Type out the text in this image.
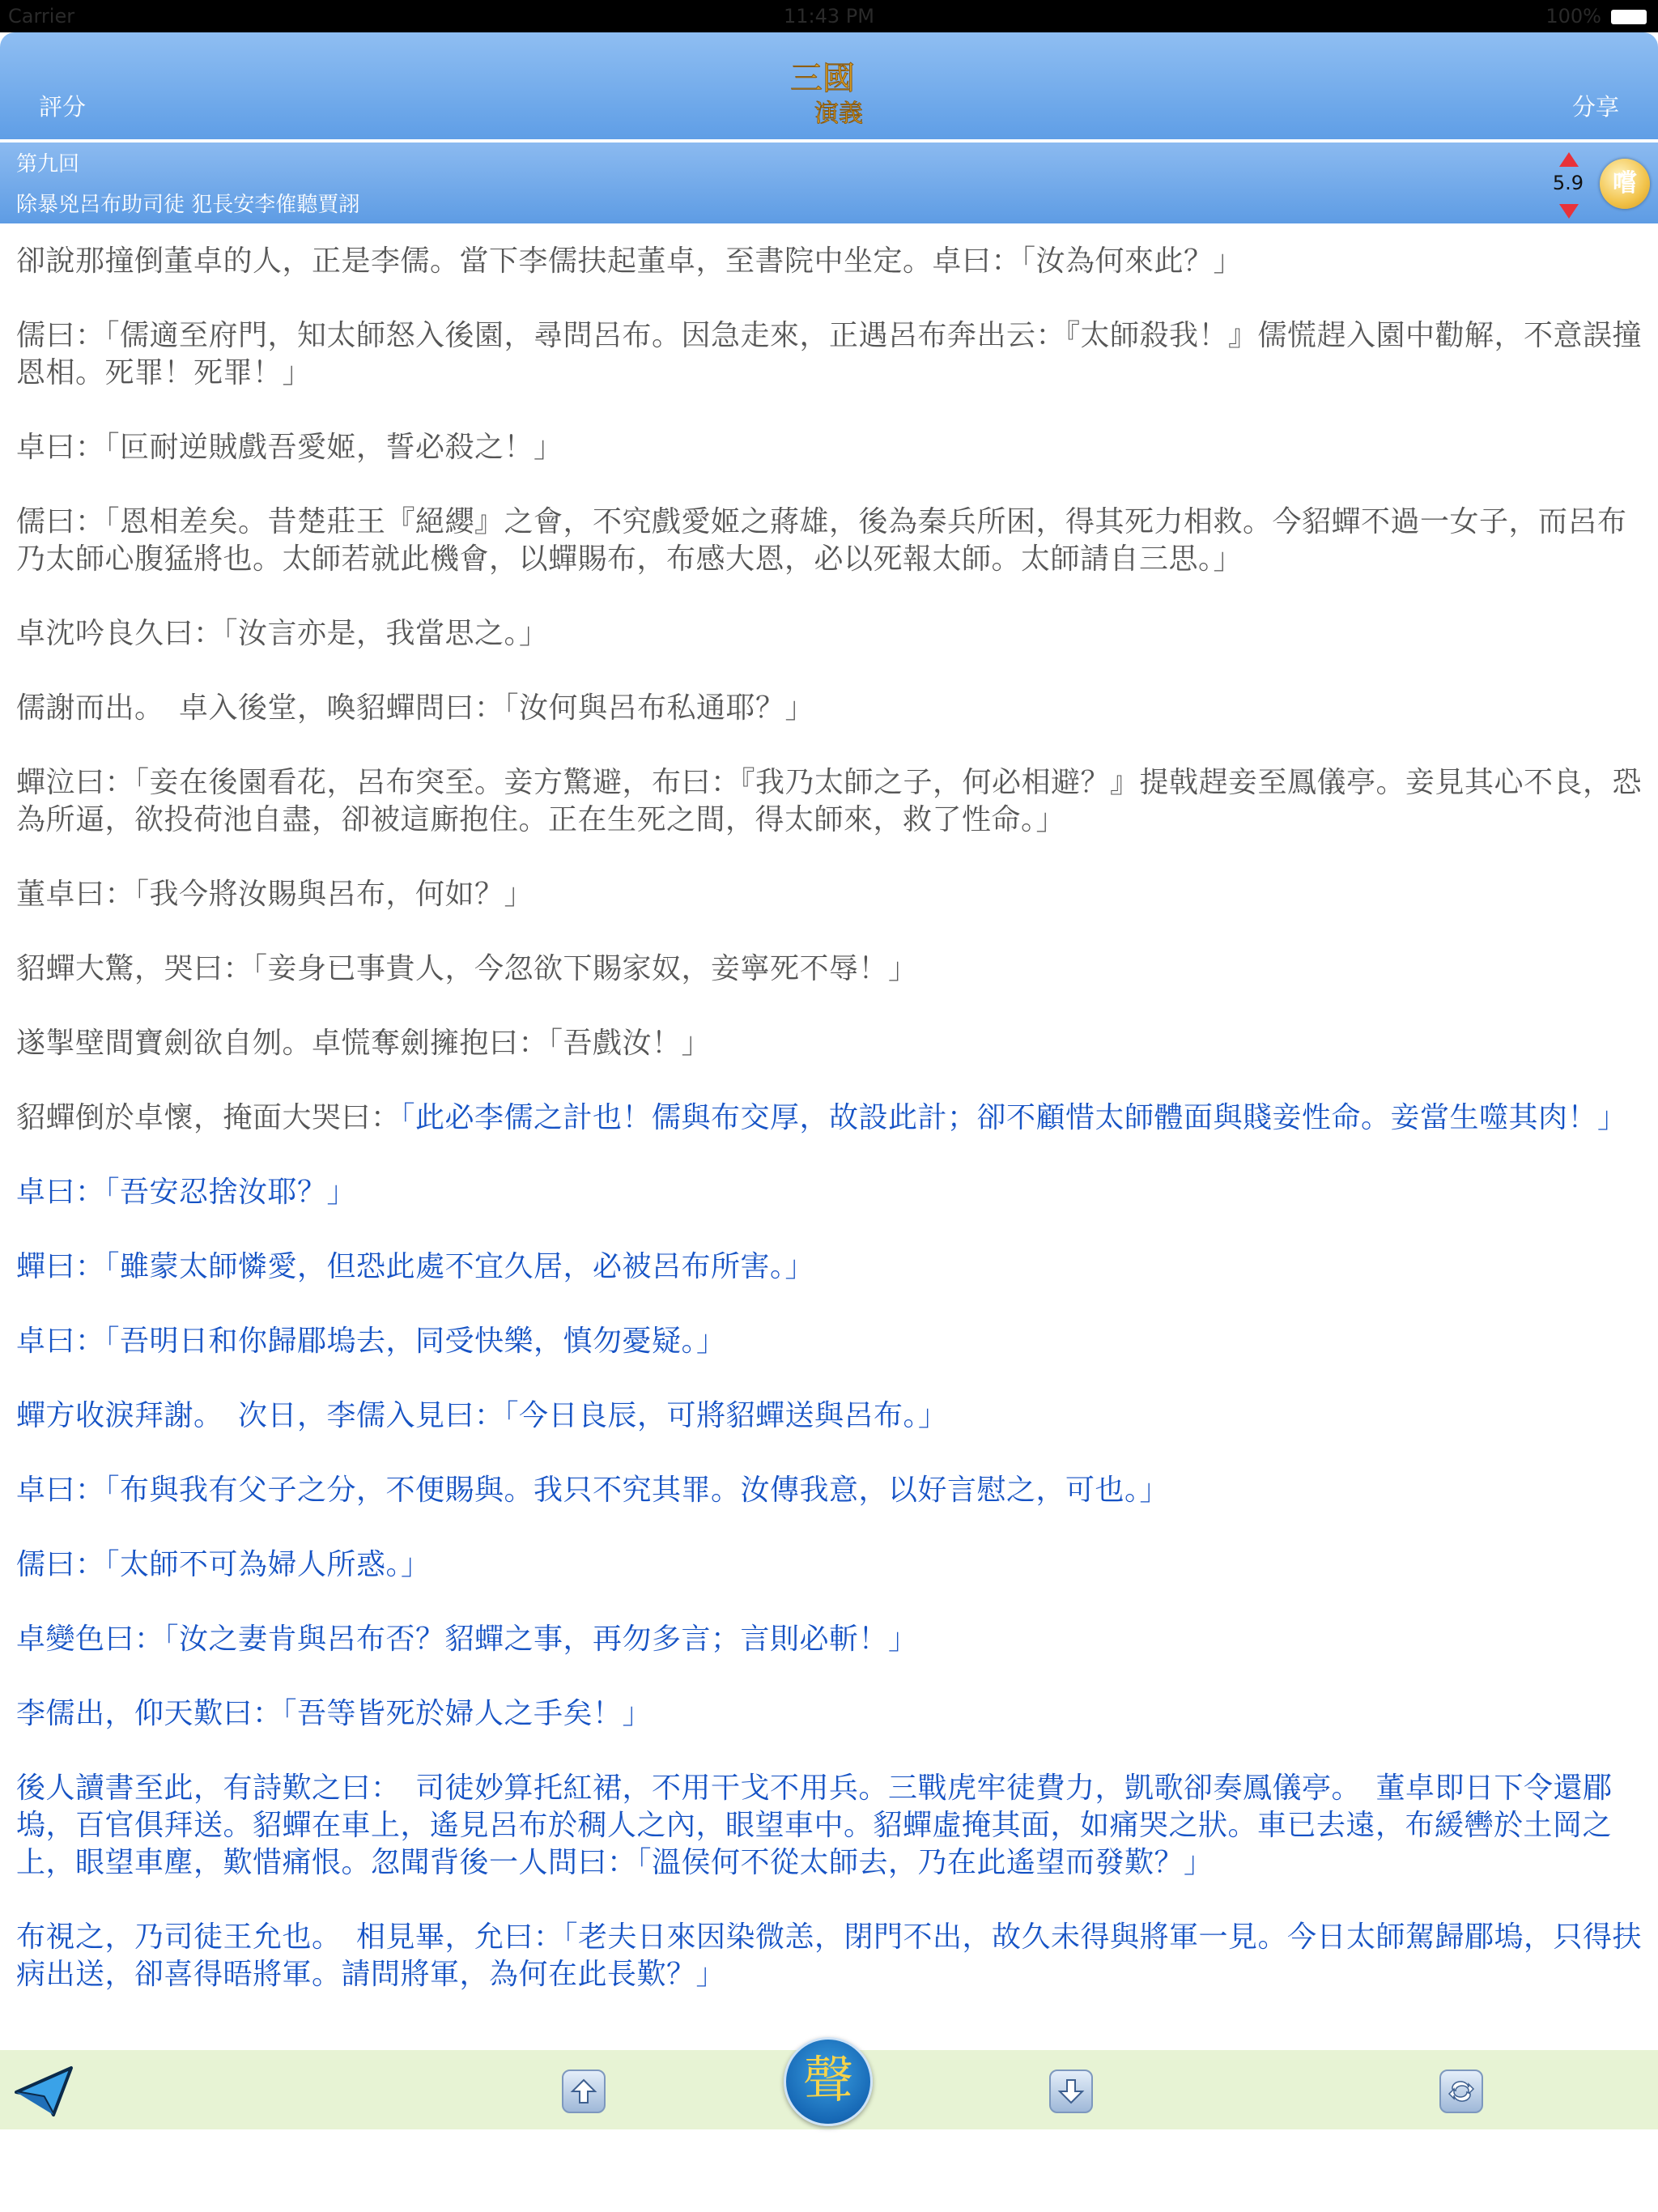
Carrier	11:43 PM	100%
評分
三國
演義	分享
第九回
除暴兇呂布助司徒 犯長安李傕聽賈詡
5.9	嚐

卻說那撞倒董卓的人，正是李儒。當下李儒扶起董卓，至書院中坐定。卓曰：「汝為何來此？」

儒曰：「儒適至府門，知太師怒入後園，尋問呂布。因急走來，正遇呂布奔出云：『太師殺我！』儒慌趕入園中勸解，不意誤撞恩相。死罪！死罪！」

卓曰：「叵耐逆賊戲吾愛姬，誓必殺之！」

儒曰：「恩相差矣。昔楚莊王『絕纓』之會，不究戲愛姬之蔣雄，後為秦兵所困，得其死力相救。今貂蟬不過一女子，而呂布乃太師心腹猛將也。太師若就此機會，以蟬賜布，布感大恩，必以死報太師。太師請自三思。」

卓沈吟良久曰：「汝言亦是，我當思之。」

儒謝而出。　卓入後堂，喚貂蟬問曰：「汝何與呂布私通耶？」

蟬泣曰：「妾在後園看花，呂布突至。妾方驚避，布曰：『我乃太師之子，何必相避？』提戟趕妾至鳳儀亭。妾見其心不良，恐為所逼，欲投荷池自盡，卻被這廝抱住。正在生死之間，得太師來，救了性命。」

董卓曰：「我今將汝賜與呂布，何如？」

貂蟬大驚，哭曰：「妾身已事貴人，今忽欲下賜家奴，妾寧死不辱！」

遂掣壁間寶劍欲自刎。卓慌奪劍擁抱曰：「吾戲汝！」

貂蟬倒於卓懷，掩面大哭曰：「此必李儒之計也！儒與布交厚，故設此計；卻不顧惜太師體面與賤妾性命。妾當生噬其肉！」

卓曰：「吾安忍捨汝耶？」

蟬曰：「雖蒙太師憐愛，但恐此處不宜久居，必被呂布所害。」

卓曰：「吾明日和你歸郿塢去，同受快樂，慎勿憂疑。」

蟬方收淚拜謝。　次日，李儒入見曰：「今日良辰，可將貂蟬送與呂布。」

卓曰：「布與我有父子之分，不便賜與。我只不究其罪。汝傳我意，以好言慰之，可也。」

儒曰：「太師不可為婦人所惑。」

卓變色曰：「汝之妻肯與呂布否？貂蟬之事，再勿多言；言則必斬！」

李儒出，仰天歎曰：「吾等皆死於婦人之手矣！」

後人讀書至此，有詩歎之曰：　司徒妙算托紅裙，不用干戈不用兵。三戰虎牢徒費力，凱歌卻奏鳳儀亭。　董卓即日下令還郿塢，百官俱拜送。貂蟬在車上，遙見呂布於稠人之內，眼望車中。貂蟬虛掩其面，如痛哭之狀。車已去遠，布緩轡於土岡之上，眼望車塵，歎惜痛恨。忽聞背後一人問曰：「溫侯何不從太師去，乃在此遙望而發歎？」

布視之，乃司徒王允也。　相見畢，允曰：「老夫日來因染微恙，閉門不出，故久未得與將軍一見。今日太師駕歸郿塢，只得扶病出送，卻喜得晤將軍。請問將軍，為何在此長歎？」

聲
